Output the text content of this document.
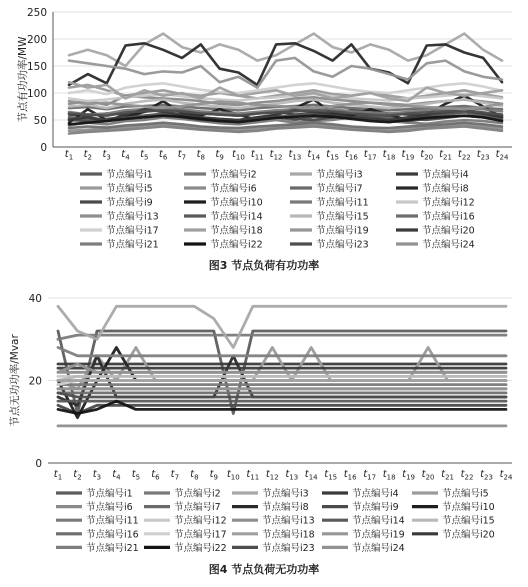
0
50
100
150
200
250
节点有功功率/MW
$t_1$ $t_2$ $t_3$ $t_4$ $t_5$ $t_6$ $t_7$ $t_8$ $t_9$ $t_{10}$ $t_{11}$ $t_{12}$ $t_{13}$ $t_{14}$ $t_{15}$ $t_{16}$ $t_{17}$ $t_{18}$ $t_{19}$ $t_{20}$ $t_{21}$ $t_{22}$ $t_{23}$ $t_{24}$
节点编号i1	节点编号i2	节点编号i3	节点编号i4
节点编号i5	节点编号i6	节点编号i7	节点编号i8
节点编号i9	节点编号i10	节点编号i11	节点编号i12
节点编号i13	节点编号i14	节点编号i15	节点编号i16
节点编号i17	节点编号i18	节点编号i19	节点编号i20
节点编号i21	节点编号i22	节点编号i23	节点编号i24
图3 节点负荷有功功率
0
20
40
节点无功功率/Mvar
$t_1$ $t_2$ $t_3$ $t_4$ $t_5$ $t_6$ $t_7$ $t_8$ $t_9$ $t_{10}$ $t_{11}$ $t_{12}$ $t_{13}$ $t_{14}$ $t_{15}$ $t_{16}$ $t_{17}$ $t_{18}$ $t_{19}$ $t_{20}$ $t_{21}$ $t_{22}$ $t_{23}$ $t_{24}$
节点编号i1	节点编号i2	节点编号i3	节点编号i4	节点编号i5
节点编号i6	节点编号i7	节点编号i8	节点编号i9	节点编号i10
节点编号i11	节点编号i12	节点编号i13	节点编号i14	节点编号i15
节点编号i16	节点编号i17	节点编号i18	节点编号i19	节点编号i20
节点编号i21	节点编号i22	节点编号i23	节点编号i24
图4 节点负荷无功功率
